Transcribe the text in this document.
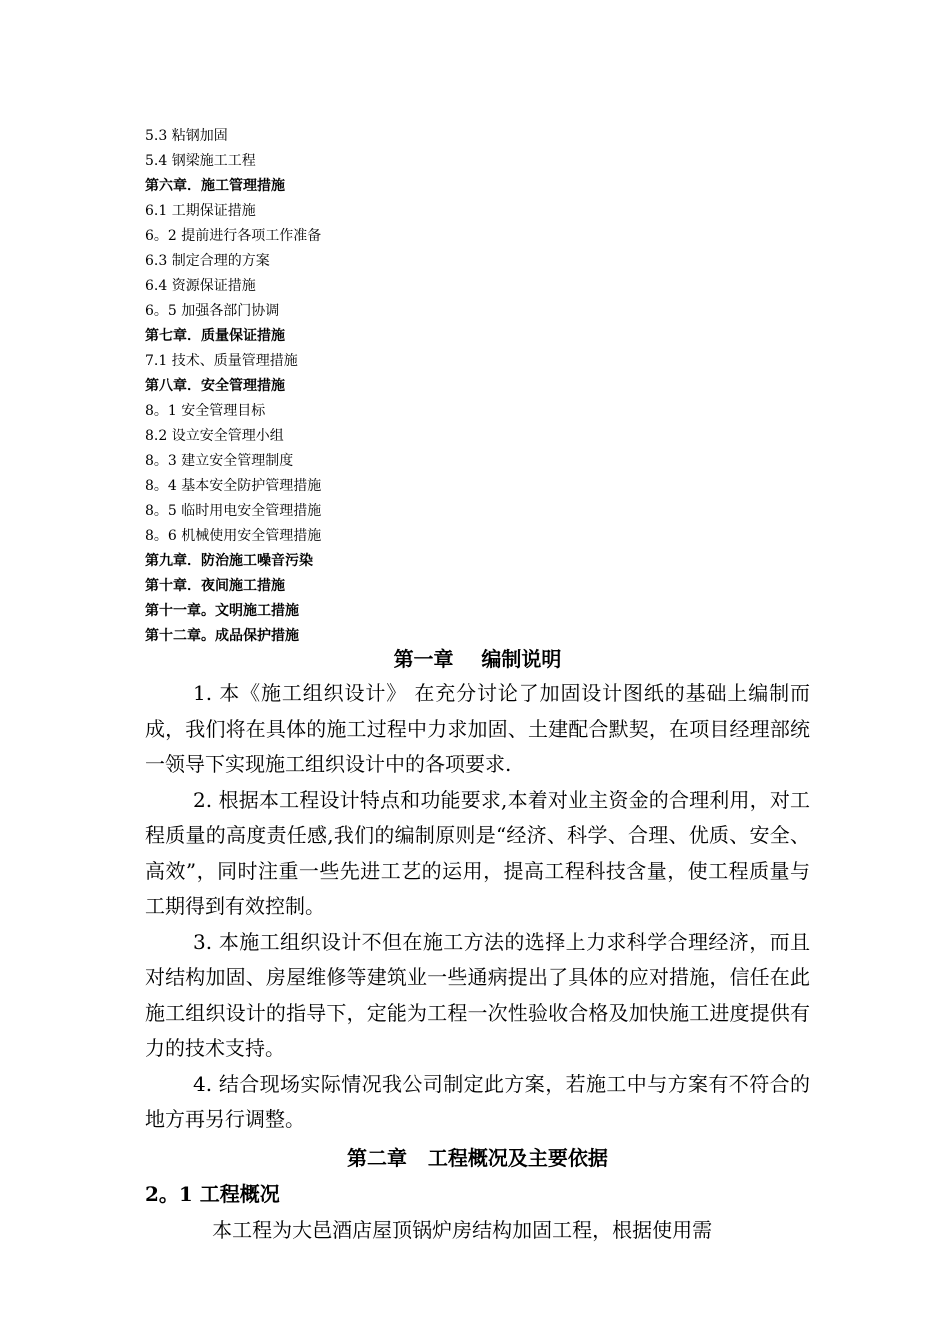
5.3 粘钢加固
5.4 钢梁施工工程
第六章．施工管理措施
6.1 工期保证措施
6。2 提前进行各项工作准备
6.3 制定合理的方案
6.4 资源保证措施
6。5 加强各部门协调
第七章．质量保证措施
7.1 技术、质量管理措施
第八章．安全管理措施
8。1 安全管理目标
8.2 设立安全管理小组
8。3 建立安全管理制度
8。4 基本安全防护管理措施
8。5 临时用电安全管理措施
8。6 机械使用安全管理措施
第九章．防治施工噪音污染
第十章．夜间施工措施
第十一章。文明施工措施
第十二章。成品保护措施
第一章    编制说明

1. 本《施工组织设计》 在充分讨论了加固设计图纸的基础上编制而成，我们将在具体的施工过程中力求加固、土建配合默契，在项目经理部统一领导下实现施工组织设计中的各项要求.

2. 根据本工程设计特点和功能要求,本着对业主资金的合理利用，对工程质量的高度责任感,我们的编制原则是“经济、科学、合理、优质、安全、高效”，同时注重一些先进工艺的运用，提高工程科技含量，使工程质量与工期得到有效控制。

3. 本施工组织设计不但在施工方法的选择上力求科学合理经济，而且对结构加固、房屋维修等建筑业一些通病提出了具体的应对措施，信任在此施工组织设计的指导下，定能为工程一次性验收合格及加快施工进度提供有力的技术支持。

4. 结合现场实际情况我公司制定此方案，若施工中与方案有不符合的地方再另行调整。

第二章   工程概况及主要依据
2。1 工程概况

本工程为大邑酒店屋顶锅炉房结构加固工程，根据使用需
